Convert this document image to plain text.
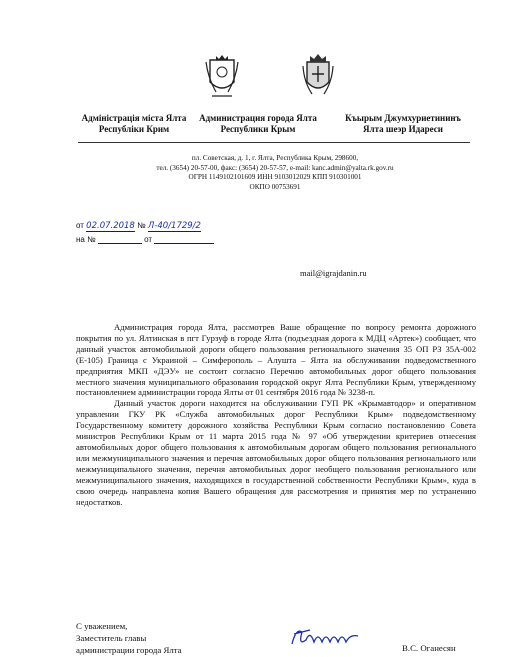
Адміністрація міста Ялта
Республіки Крим
Администрация города Ялта
Республики Крым
Къырым Джумхуриетининъ
Ялта шеэр Идареси
пл. Советская, д. 1, г. Ялта, Республика Крым, 298600,
тел. (3654) 20-57-00, факс: (3654) 20-57-57, e-mail: kanc.admin@yalta.rk.gov.ru
ОГРН 1149102101609 ИНН 9103012029 КПП 910301001
ОКПО 00753691
от 02.07.2018 № Л-40/1729/2
на №	от
mail@igrajdanin.ru

Администрация города Ялта, рассмотрев Ваше обращение по вопросу ремонта дорожного покрытия по ул. Ялтинская в пгт Гурзуф в городе Ялта (подъездная дорога к МДЦ «Артек») сообщает, что данный участок автомобильной дороги общего пользования регионального значения 35 ОП РЗ 35А-002 (Е-105) Граница с Украиной – Симферополь – Алушта – Ялта на обслуживании подведомственного предприятия МКП «ДЭУ» не состоит согласно Перечню автомобильных дорог общего пользования местного значения муниципального образования городской округ Ялта Республики Крым, утвержденному постановлением администрации города Ялты от 01 сентября 2016 года № 3238-п.

Данный участок дороги находится на обслуживании ГУП РК «Крымавтодор» и оперативном управлении ГКУ РК «Служба автомобильных дорог Республики Крым» подведомственному Государственному комитету дорожного хозяйства Республики Крым согласно постановлению Совета министров Республики Крым от 11 марта 2015 года № 97 «Об утверждении критериев отнесения автомобильных дорог общего пользования к автомобильным дорогам общего пользования регионального или межмуниципального значения и перечня автомобильных дорог общего пользования регионального или межмуниципального значения, перечня автомобильных дорог необщего пользования регионального или межмуниципального значения, находящихся в государственной собственности Республики Крым», куда в свою очередь направлена копия Вашего обращения для рассмотрения и принятия мер по устранению недостатков.

С уважением,
Заместитель главы
администрации города Ялта	В.С. Оганесян
